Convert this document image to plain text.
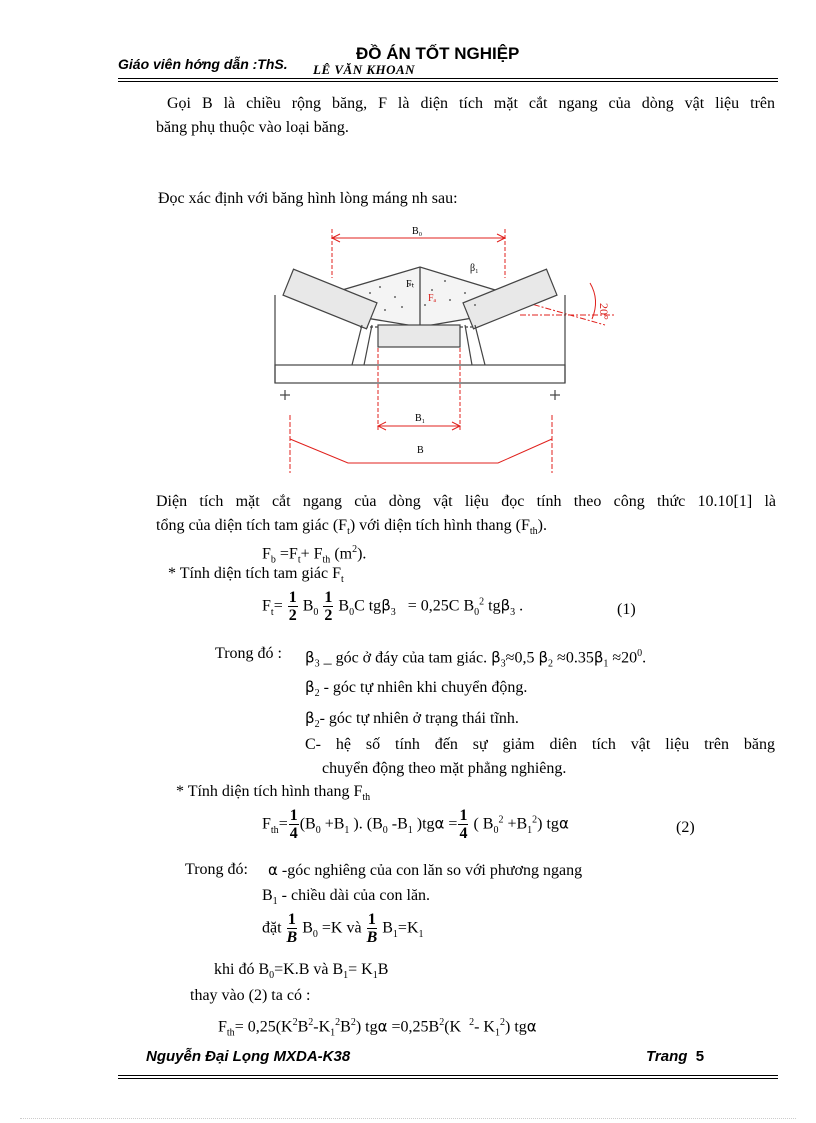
Giáo viên hớng dẫn :ThS. LÊ VĂN KHOAN
ĐỒ ÁN TỐT NGHIỆP
Gọi B là chiều rộng băng, F là diện tích mặt cắt ngang của dòng vật liệu trên
băng phụ thuộc vào loại băng.
Đọc xác định với băng hình lòng máng nh sau:
B₀
Fₜ
Fₐ
β₁
20°
B₁
B
Diện tích mặt cắt ngang của dòng vật liệu đọc tính theo công thức 10.10[1] là
tổng của diện tích tam giác $(F_t)$ với diện tích hình thang $(F_{th})$.
$F_b =F_t+ F_{th}$ $(m^2)$.
* Tính diện tích tam giác $F_t$
$F_t= \frac{1}{2} B_0 \frac{1}{2} B_0C$ tgβ$_3$   = 0,25C $B_0^2$ tgβ$_3$ .	(1)
Trong đó : $\beta_3$ _ góc ở đáy của tam giác. $\beta_3\approx 0,5$ $\beta_2 \approx 0.35\beta_1 \approx 20^0$.
$\beta_2$ - góc tự nhiên khi chuyển động.
$\beta_2-$ góc tự nhiên ở trạng thái tĩnh.
C- hệ số tính đến sự giảm diên tích vật liệu trên băng
chuyển động theo mặt phẳng nghiêng.
* Tính diện tích hình thang $F_{th}$
$F_{th}= \frac{1}{4} (B_0 +B_1$ ). ($B_0$ $-B_1$ )$tg\alpha = \frac{1}{4}$ ( $B_0^2 +B_1^2$) tgα	(2)
Trong đó: α -góc nghiêng của con lăn so với phương ngang
$B_1$ - chiều dài của con lăn.
đặt $\frac{1}{B} B_0 =K$ và $\frac{1}{B} B_1=K_1$
khi đó $B_0=K.B$ và $B_1= K_1B$
thay vào (2) ta có :
$F_{th}= 0,25(K^2B^2-K_1^2B^2)$ $tg\alpha =0,25B^2(K$  $^2$- $K_1^2$) tgα
Nguyễn Đại Lọng MXDA-K38	Trang 5
